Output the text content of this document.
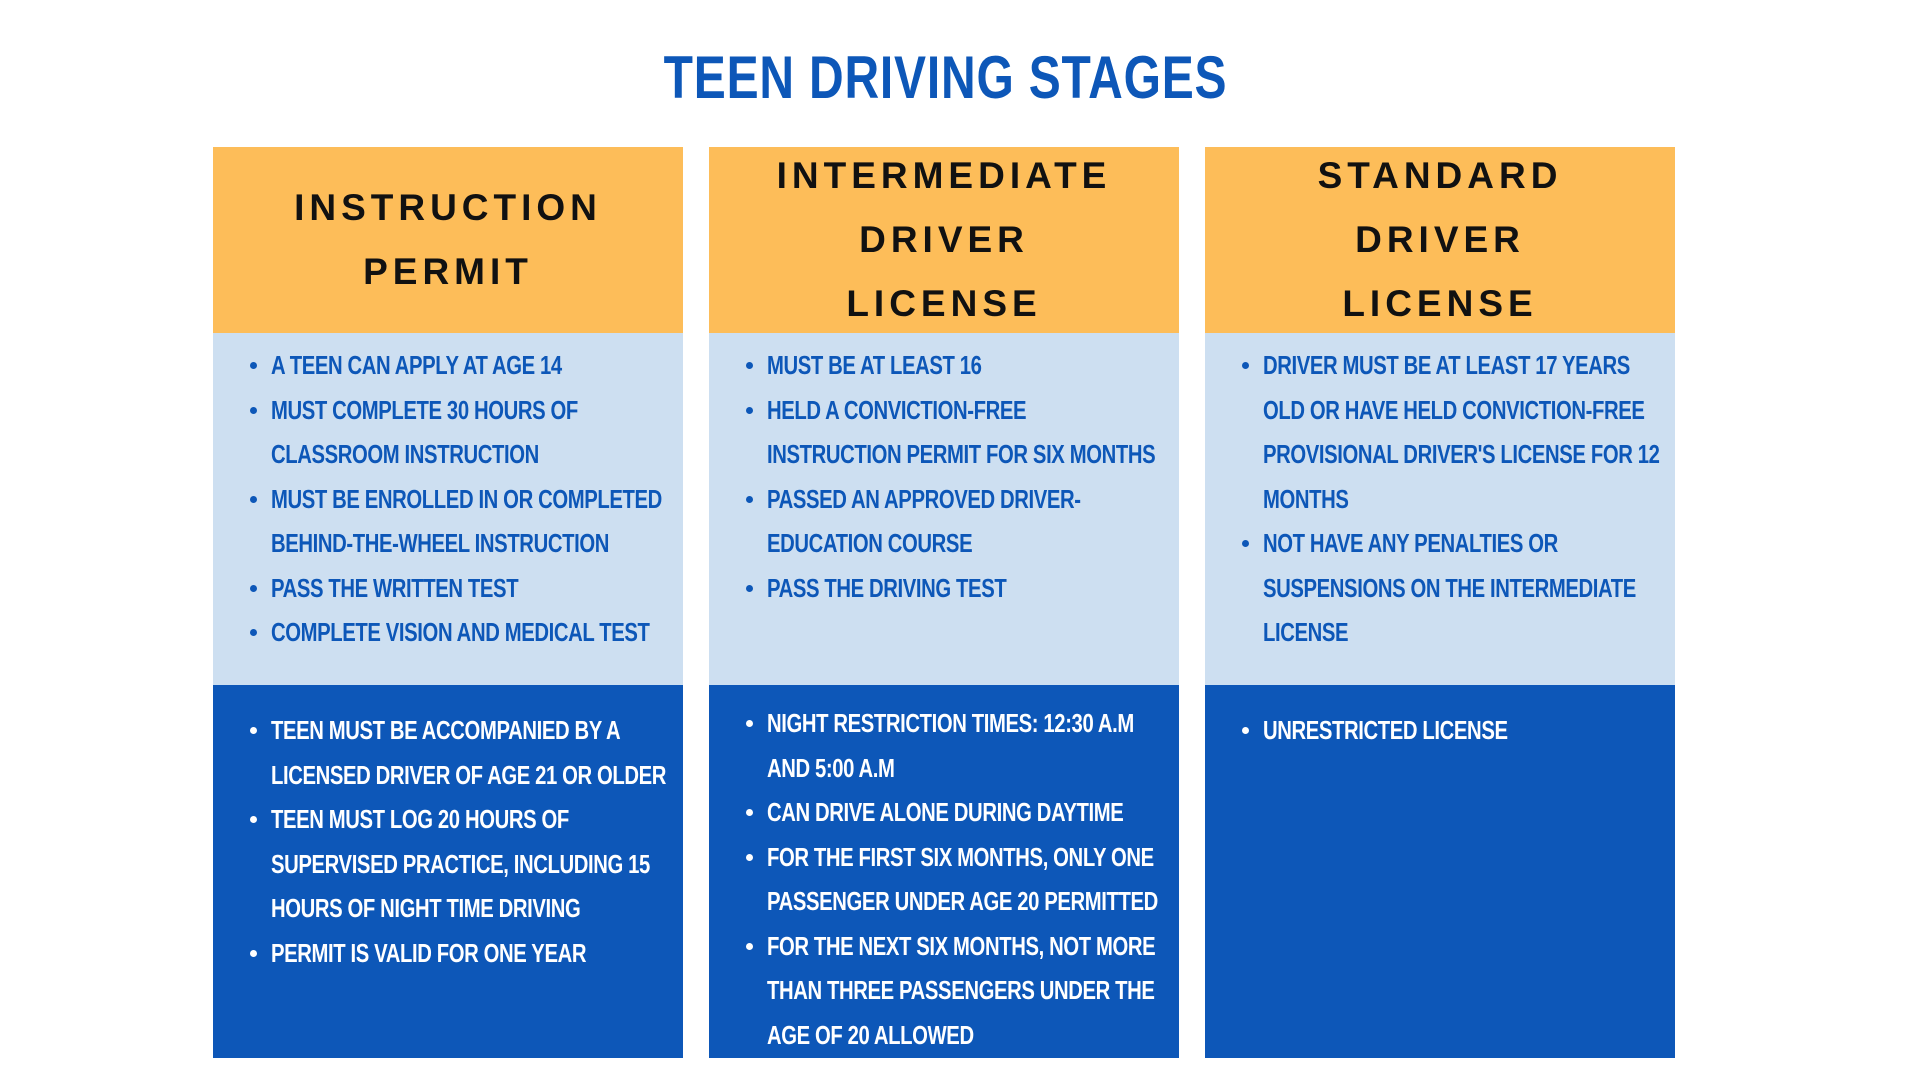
TEEN DRIVING STAGES
INSTRUCTION PERMIT
A TEEN CAN APPLY AT AGE 14
MUST COMPLETE 30 HOURS OF CLASSROOM INSTRUCTION
MUST BE ENROLLED IN OR COMPLETED BEHIND-THE-WHEEL INSTRUCTION
PASS THE WRITTEN TEST
COMPLETE VISION AND MEDICAL TEST
TEEN MUST BE ACCOMPANIED BY A LICENSED DRIVER OF AGE 21 OR OLDER
TEEN MUST LOG 20 HOURS OF SUPERVISED PRACTICE, INCLUDING 15 HOURS OF NIGHT TIME DRIVING
PERMIT IS VALID FOR ONE YEAR
INTERMEDIATE DRIVER
LICENSE
MUST BE AT LEAST 16
HELD A CONVICTION-FREE INSTRUCTION PERMIT FOR SIX MONTHS
PASSED AN APPROVED DRIVER-EDUCATION COURSE
PASS THE DRIVING TEST
NIGHT RESTRICTION TIMES: 12:30 A.M AND 5:00 A.M
CAN DRIVE ALONE DURING DAYTIME
FOR THE FIRST SIX MONTHS, ONLY ONE PASSENGER UNDER AGE 20 PERMITTED
FOR THE NEXT SIX MONTHS, NOT MORE THAN THREE PASSENGERS UNDER THE AGE OF 20 ALLOWED
STANDARD DRIVER
LICENSE
DRIVER MUST BE AT LEAST 17 YEARS OLD OR HAVE HELD CONVICTION-FREE PROVISIONAL DRIVER'S LICENSE FOR 12 MONTHS
NOT HAVE ANY PENALTIES OR SUSPENSIONS ON THE INTERMEDIATE LICENSE
UNRESTRICTED LICENSE
